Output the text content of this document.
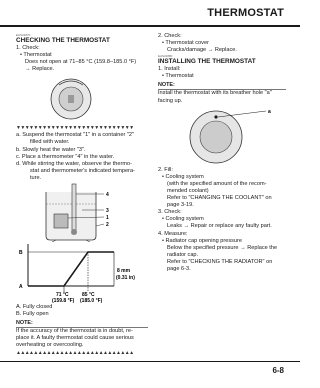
THERMOSTAT
EAS24870
CHECKING THE THERMOSTAT
1. Check:
• Thermostat
Does not open at 71–85 °C (159.8–185.0 °F)
→ Replace.
▼▼▼▼▼▼▼▼▼▼▼▼▼▼▼▼▼▼▼▼▼▼▼▼▼▼▼
a. Suspend the thermostat "1" in a container "2"
filled with water.
b. Slowly heat the water "3".
c. Place a thermometer "4" in the water.
d. While stirring the water, observe the thermo-
stat and thermometer's indicated tempera-
ture.
4
3
1
2
B
A
71 °C
(159.8 °F)
85 °C
(185.0 °F)
8 mm
(0.31 in)
A. Fully closed
B. Fully open
NOTE:
If the accuracy of the thermostat is in doubt, re-
place it. A faulty thermostat could cause serious
overheating or overcooling.
▲▲▲▲▲▲▲▲▲▲▲▲▲▲▲▲▲▲▲▲▲▲▲▲▲▲▲
2. Check:
• Thermostat cover
Cracks/damage → Replace.
EAS24880
INSTALLING THE THERMOSTAT
1. Install:
• Thermostat
NOTE:
Install the thermostat with its breather hole "a"
facing up.
a
2. Fill:
• Cooling system
(with the specified amount of the recom-
mended coolant)
Refer to "CHANGING THE COOLANT" on
page 3-19.
3. Check:
• Cooling system
Leaks → Repair or replace any faulty part.
4. Measure:
• Radiator cap opening pressure
Below the specified pressure → Replace the
radiator cap.
Refer to "CHECKING THE RADIATOR" on
page 6-3.
6-8
